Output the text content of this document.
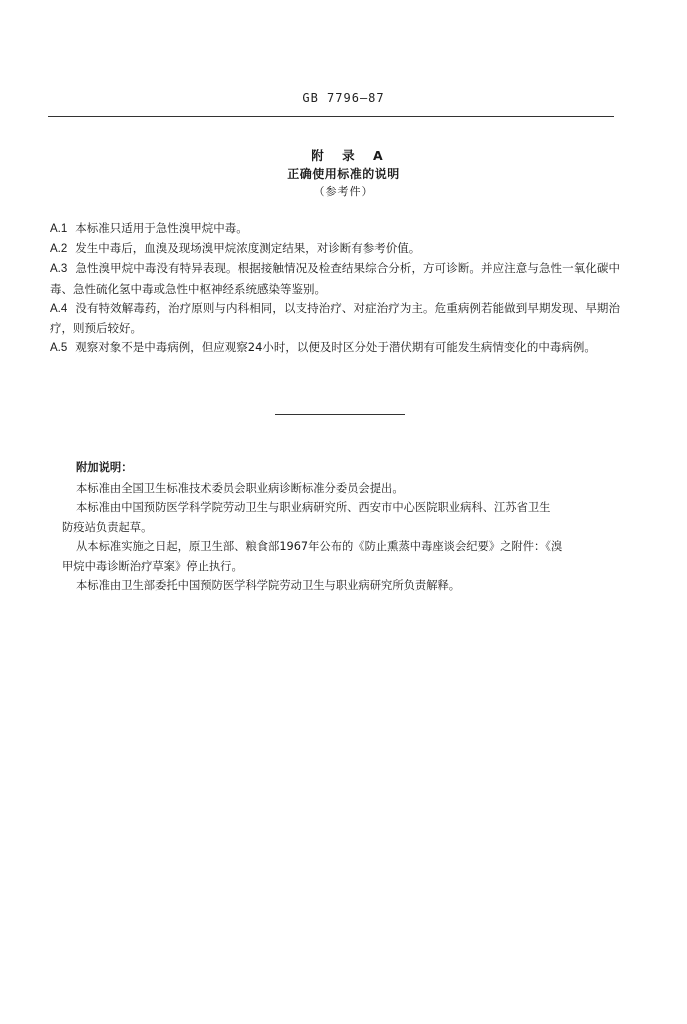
GB 7796—87
附 录 A
正确使用标准的说明
（参考件）

A.1 本标准只适用于急性溴甲烷中毒。

A.2 发生中毒后，血溴及现场溴甲烷浓度测定结果，对诊断有参考价值。

A.3 急性溴甲烷中毒没有特异表现。根据接触情况及检查结果综合分析，方可诊断。并应注意与急性一氧化碳中毒、急性硫化氢中毒或急性中枢神经系统感染等鉴别。

A.4 没有特效解毒药，治疗原则与内科相同，以支持治疗、对症治疗为主。危重病例若能做到早期发现、早期治疗，则预后较好。

A.5 观察对象不是中毒病例，但应观察24小时，以便及时区分处于潜伏期有可能发生病情变化的中毒病例。

附加说明：

本标准由全国卫生标准技术委员会职业病诊断标准分委员会提出。

本标准由中国预防医学科学院劳动卫生与职业病研究所、西安市中心医院职业病科、江苏省卫生
防疫站负责起草。

从本标准实施之日起，原卫生部、粮食部1967年公布的《防止熏蒸中毒座谈会纪要》之附件：《溴
甲烷中毒诊断治疗草案》停止执行。

本标准由卫生部委托中国预防医学科学院劳动卫生与职业病研究所负责解释。
